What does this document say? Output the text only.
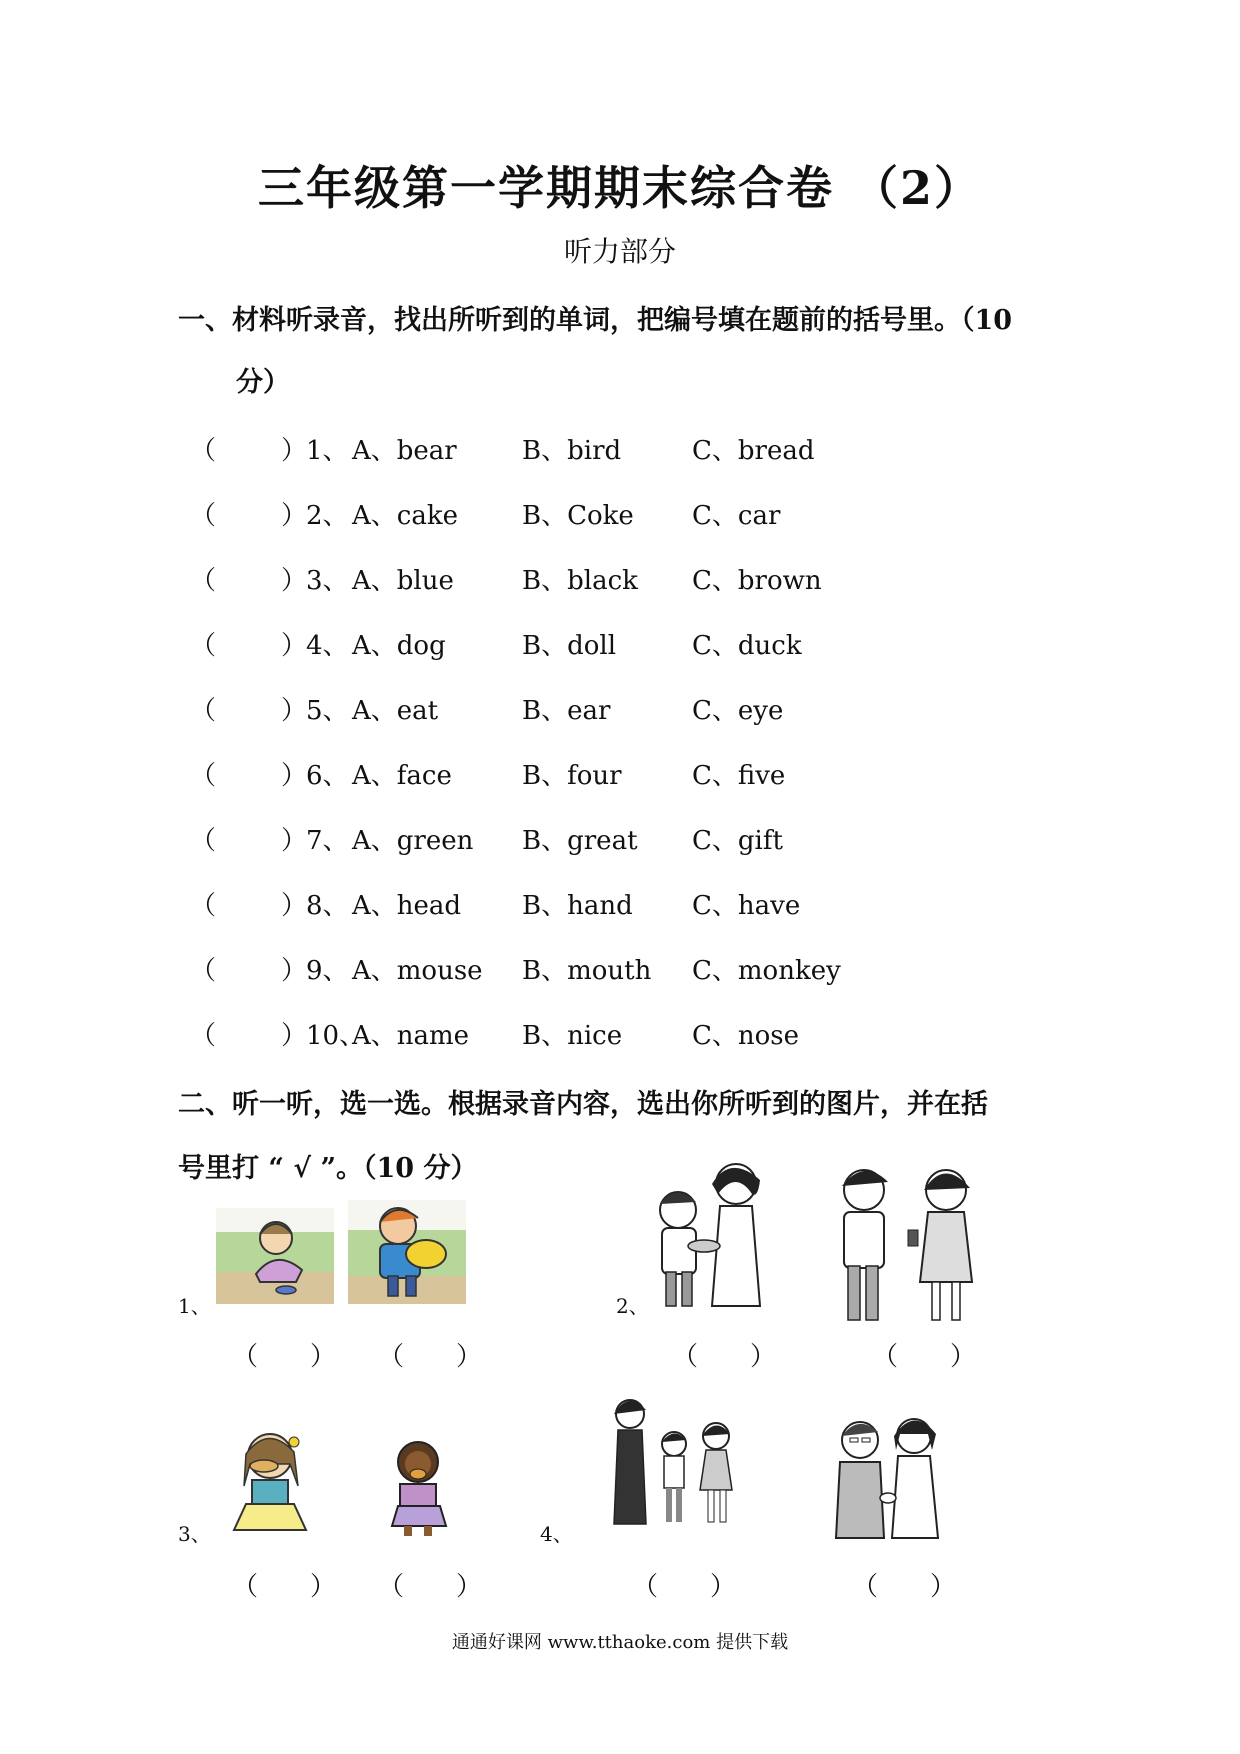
三年级第一学期期末综合卷 （2）
听力部分
一、材料听录音，找出所听到的单词，把编号填在题前的括号里。（10
分）
（ ）
1、 A、bear	B、bird	C、bread
（ ）
2、 A、cake B、Coke C、car
（ ）
3、 A、blue	B、black C、brown
（ ）
4、 A、dog	B、doll	C、duck
（ ）
5、 A、eat	B、ear	C、eye
（ ）
6、 A、face	B、four	C、five
（ ）
7、 A、green B、great C、gift
（ ）
8、 A、head B、hand C、have
（ ）
9、 A、mouse B、mouth C、monkey
（ ）
10、
A、name B、nice	C、nose
二、听一听，选一选。根据录音内容，选出你所听到的图片，并在括
号里打 “ √ ”。（10 分）
1、
（　　） （　　）
2、
（　　）	（　　）
3、
（　　） （　　）
4、
（　　）	（　　）
通通好课网 www.tthaoke.com 提供下载
